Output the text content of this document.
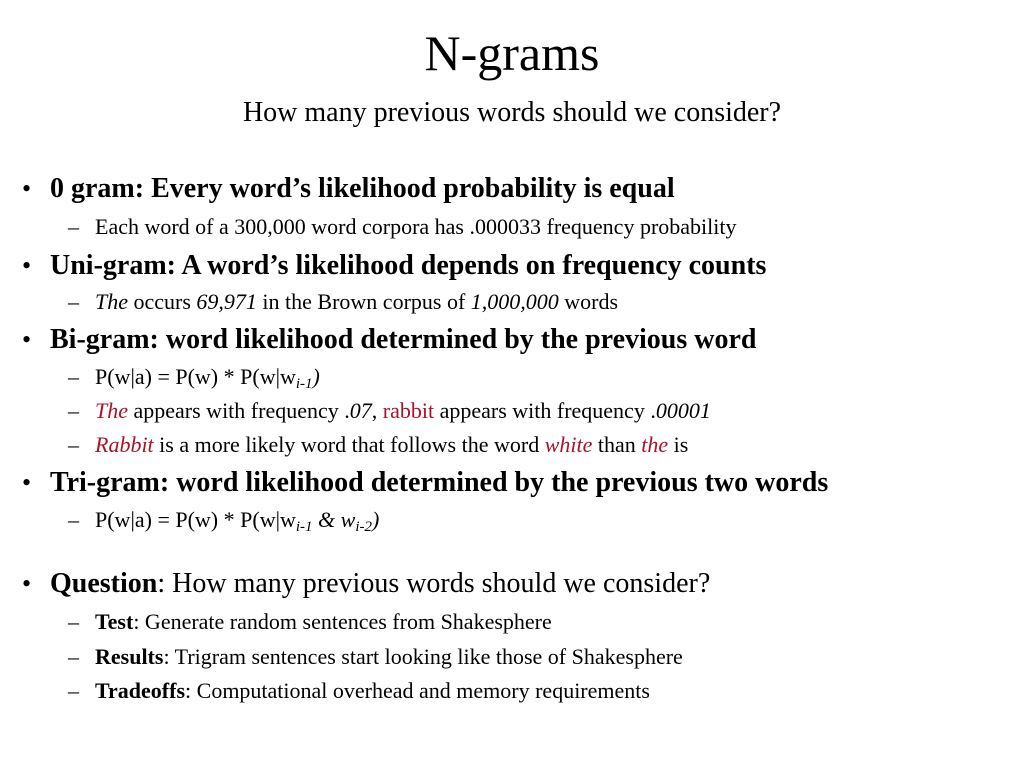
N-grams
How many previous words should we consider?
• 0 gram: Every word’s likelihood probability is equal
– Each word of a 300,000 word corpora has .000033 frequency probability
• Uni-gram: A word’s likelihood depends on frequency counts
– The occurs 69,971 in the Brown corpus of 1,000,000 words
• Bi-gram: word likelihood determined by the previous word
– $P(w|a) = P(w) * P(w|w_{i-1})$
– The appears with frequency .07, rabbit appears with frequency .00001
– Rabbit is a more likely word that follows the word white than the is
• Tri-gram: word likelihood determined by the previous two words
– $P(w|a) = P(w) * P(w|w_{i-1}$ & $w_{i-2}$)
• Question: How many previous words should we consider?
– Test: Generate random sentences from Shakesphere
– Results: Trigram sentences start looking like those of Shakesphere
– Tradeoffs: Computational overhead and memory requirements
